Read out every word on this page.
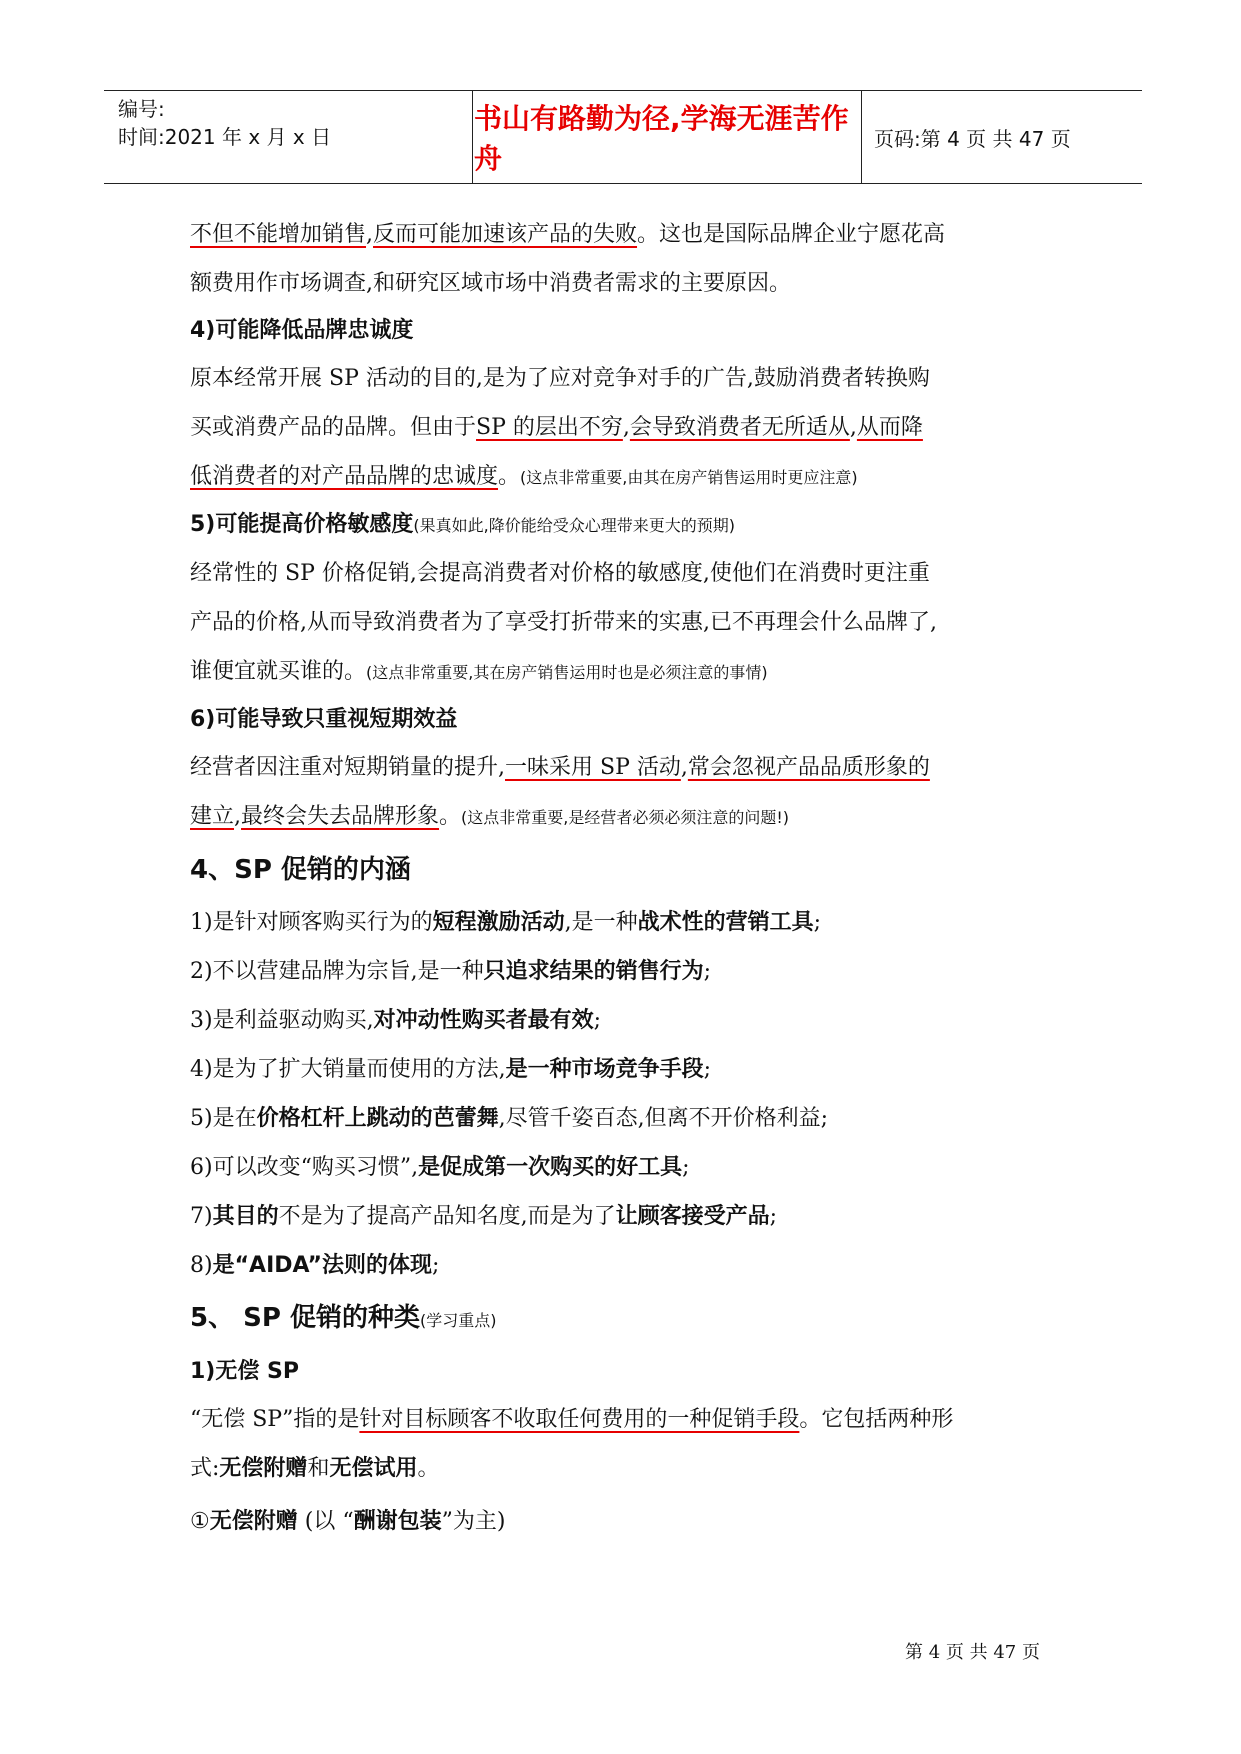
编号:
时间:2021 年 x 月 x 日
书山有路勤为径,学海无涯苦作舟
页码:第 4 页 共 47 页

不但不能增加销售,反而可能加速该产品的失败。这也是国际品牌企业宁愿花高

额费用作市场调查,和研究区域市场中消费者需求的主要原因。

4)可能降低品牌忠诚度

原本经常开展 SP 活动的目的,是为了应对竞争对手的广告,鼓励消费者转换购

买或消费产品的品牌。但由于SP 的层出不穷,会导致消费者无所适从,从而降

低消费者的对产品品牌的忠诚度。(这点非常重要,由其在房产销售运用时更应注意)

5)可能提高价格敏感度(果真如此,降价能给受众心理带来更大的预期)

经常性的 SP 价格促销,会提高消费者对价格的敏感度,使他们在消费时更注重

产品的价格,从而导致消费者为了享受打折带来的实惠,已不再理会什么品牌了,

谁便宜就买谁的。(这点非常重要,其在房产销售运用时也是必须注意的事情)

6)可能导致只重视短期效益

经营者因注重对短期销量的提升,一味采用 SP 活动,常会忽视产品品质形象的

建立,最终会失去品牌形象。(这点非常重要,是经营者必须必须注意的问题!)

4、SP 促销的内涵
1)是针对顾客购买行为的短程激励活动,是一种战术性的营销工具;
2)不以营建品牌为宗旨,是一种只追求结果的销售行为;
3)是利益驱动购买,对冲动性购买者最有效;
4)是为了扩大销量而使用的方法,是一种市场竞争手段;
5)是在价格杠杆上跳动的芭蕾舞,尽管千姿百态,但离不开价格利益;
6)可以改变“购买习惯”,是促成第一次购买的好工具;
7)其目的不是为了提高产品知名度,而是为了让顾客接受产品;
8)是“AIDA”法则的体现;
5、 SP 促销的种类(学习重点)
1)无偿 SP

“无偿 SP”指的是针对目标顾客不收取任何费用的一种促销手段。它包括两种形

式:无偿附赠和无偿试用。

①无偿附赠 (以 “酬谢包装”为主)

第 4 页 共 47 页
